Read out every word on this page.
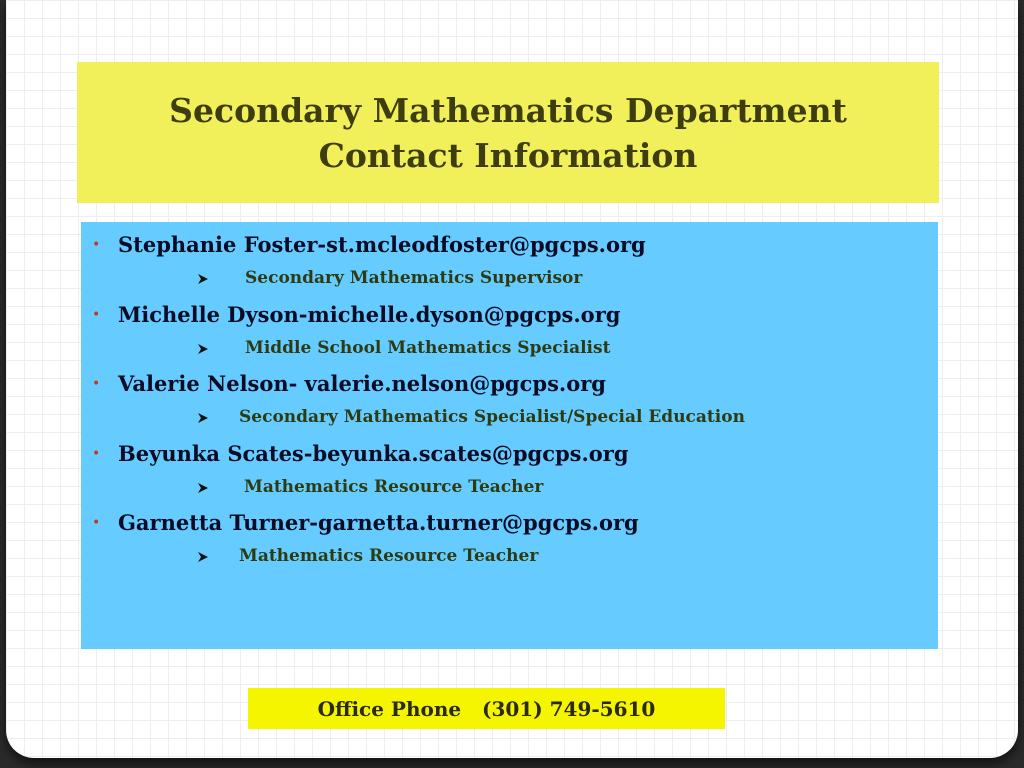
Secondary Mathematics Department
Contact Information
• Stephanie Foster-st.mcleodfoster@pgcps.org
Secondary Mathematics Supervisor
• Michelle Dyson-michelle.dyson@pgcps.org
Middle School Mathematics Specialist
• Valerie Nelson- valerie.nelson@pgcps.org
Secondary Mathematics Specialist/Special Education
• Beyunka Scates-beyunka.scates@pgcps.org
Mathematics Resource Teacher
• Garnetta Turner-garnetta.turner@pgcps.org
Mathematics Resource Teacher
Office Phone   (301) 749-5610
